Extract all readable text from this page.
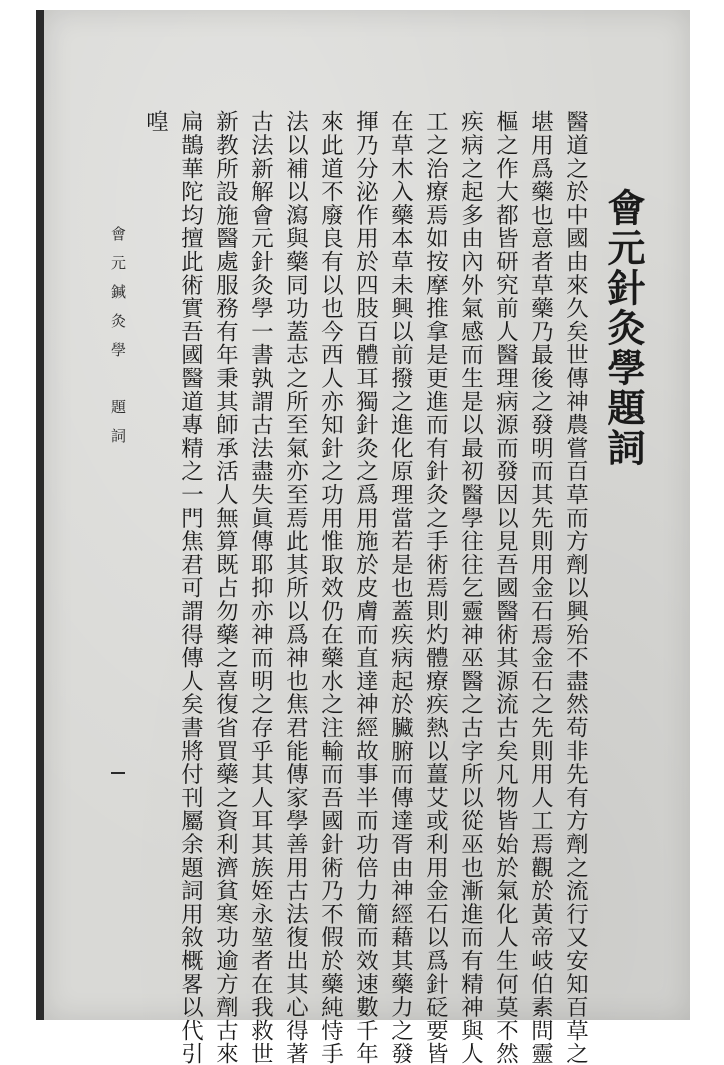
會元針灸學題詞
醫道之於中國由來久矣世傳神農嘗百草而方劑以興殆不盡然苟非先有方劑之流行又安知百草之
堪用爲藥也意者草藥乃最後之發明而其先則用金石焉金石之先則用人工焉觀於黃帝岐伯素問靈
樞之作大都皆研究前人醫理病源而發因以見吾國醫術其源流古矣凡物皆始於氣化人生何莫不然
疾病之起多由內外氣感而生是以最初醫學往往乞靈神巫醫之古字所以從巫也漸進而有精神與人
工之治療焉如按摩推拿是更進而有針灸之手術焉則灼體療疾熱以薑艾或利用金石以爲針砭要皆
在草木入藥本草未興以前撥之進化原理當若是也蓋疾病起於臟腑而傳達胥由神經藉其藥力之發
揮乃分泌作用於四肢百體耳獨針灸之爲用施於皮膚而直達神經故事半而功倍力簡而效速數千年
來此道不廢良有以也今西人亦知針之功用惟取效仍在藥水之注輸而吾國針術乃不假於藥純恃手
法以補以瀉與藥同功蓋志之所至氣亦至焉此其所以爲神也焦君能傳家學善用古法復出其心得著
古法新解會元針灸學一書孰謂古法盡失眞傳耶抑亦神而明之存乎其人耳其族姪永堃者在我救世
新教所設施醫處服務有年秉其師承活人無算既占勿藥之喜復省買藥之資利濟貧寒功逾方劑古來
扁鵲華陀均擅此術實吾國醫道專精之一門焦君可謂得傳人矣書將付刊屬余題詞用敘概畧以代引
喤
會元鍼灸學題詞
